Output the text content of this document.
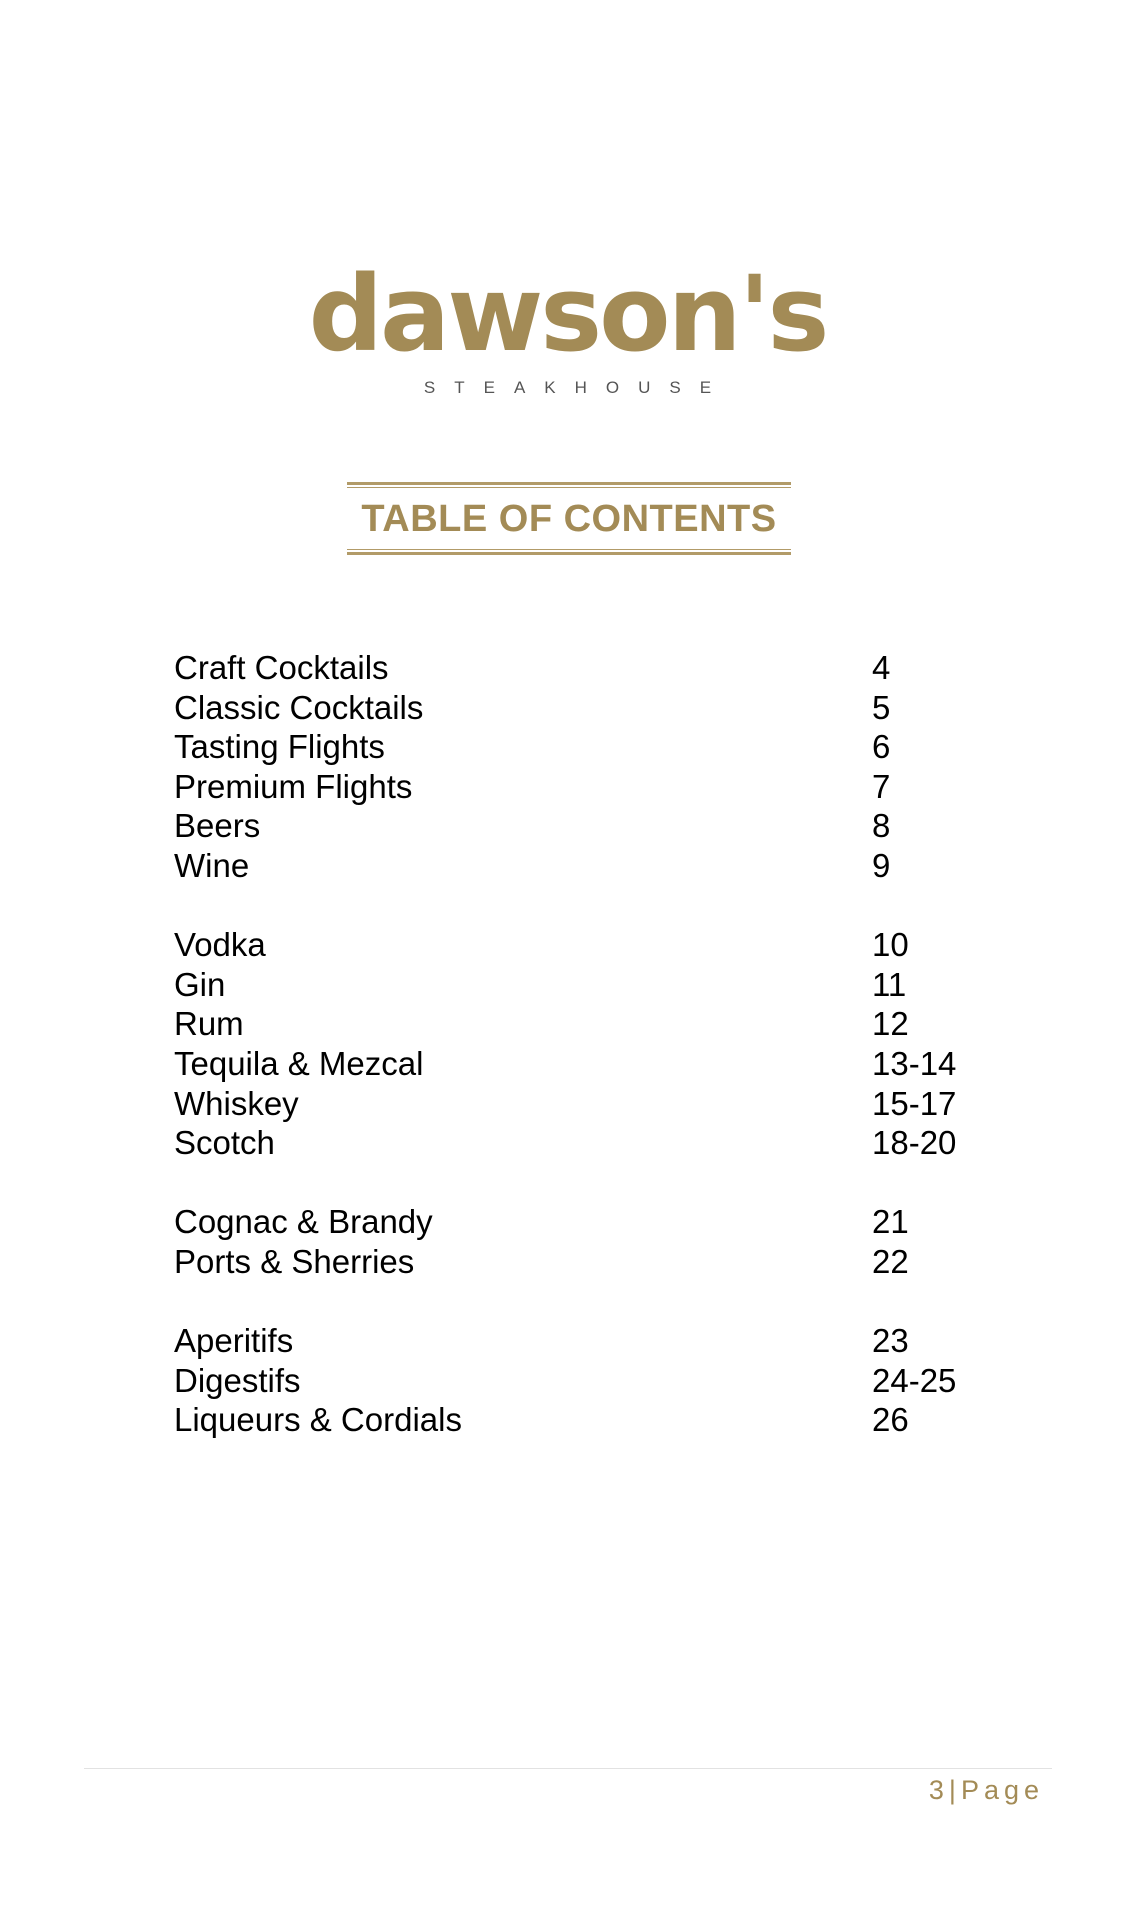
dawson's
STEAKHOUSE
TABLE OF CONTENTS
Craft Cocktails	4
Classic Cocktails	5
Tasting Flights	6
Premium Flights	7
Beers	8
Wine	9
Vodka	10
Gin	11
Rum	12
Tequila & Mezcal	13-14
Whiskey	15-17
Scotch	18-20
Cognac & Brandy	21
Ports & Sherries	22
Aperitifs	23
Digestifs	24-25
Liqueurs & Cordials	26
3|Page
